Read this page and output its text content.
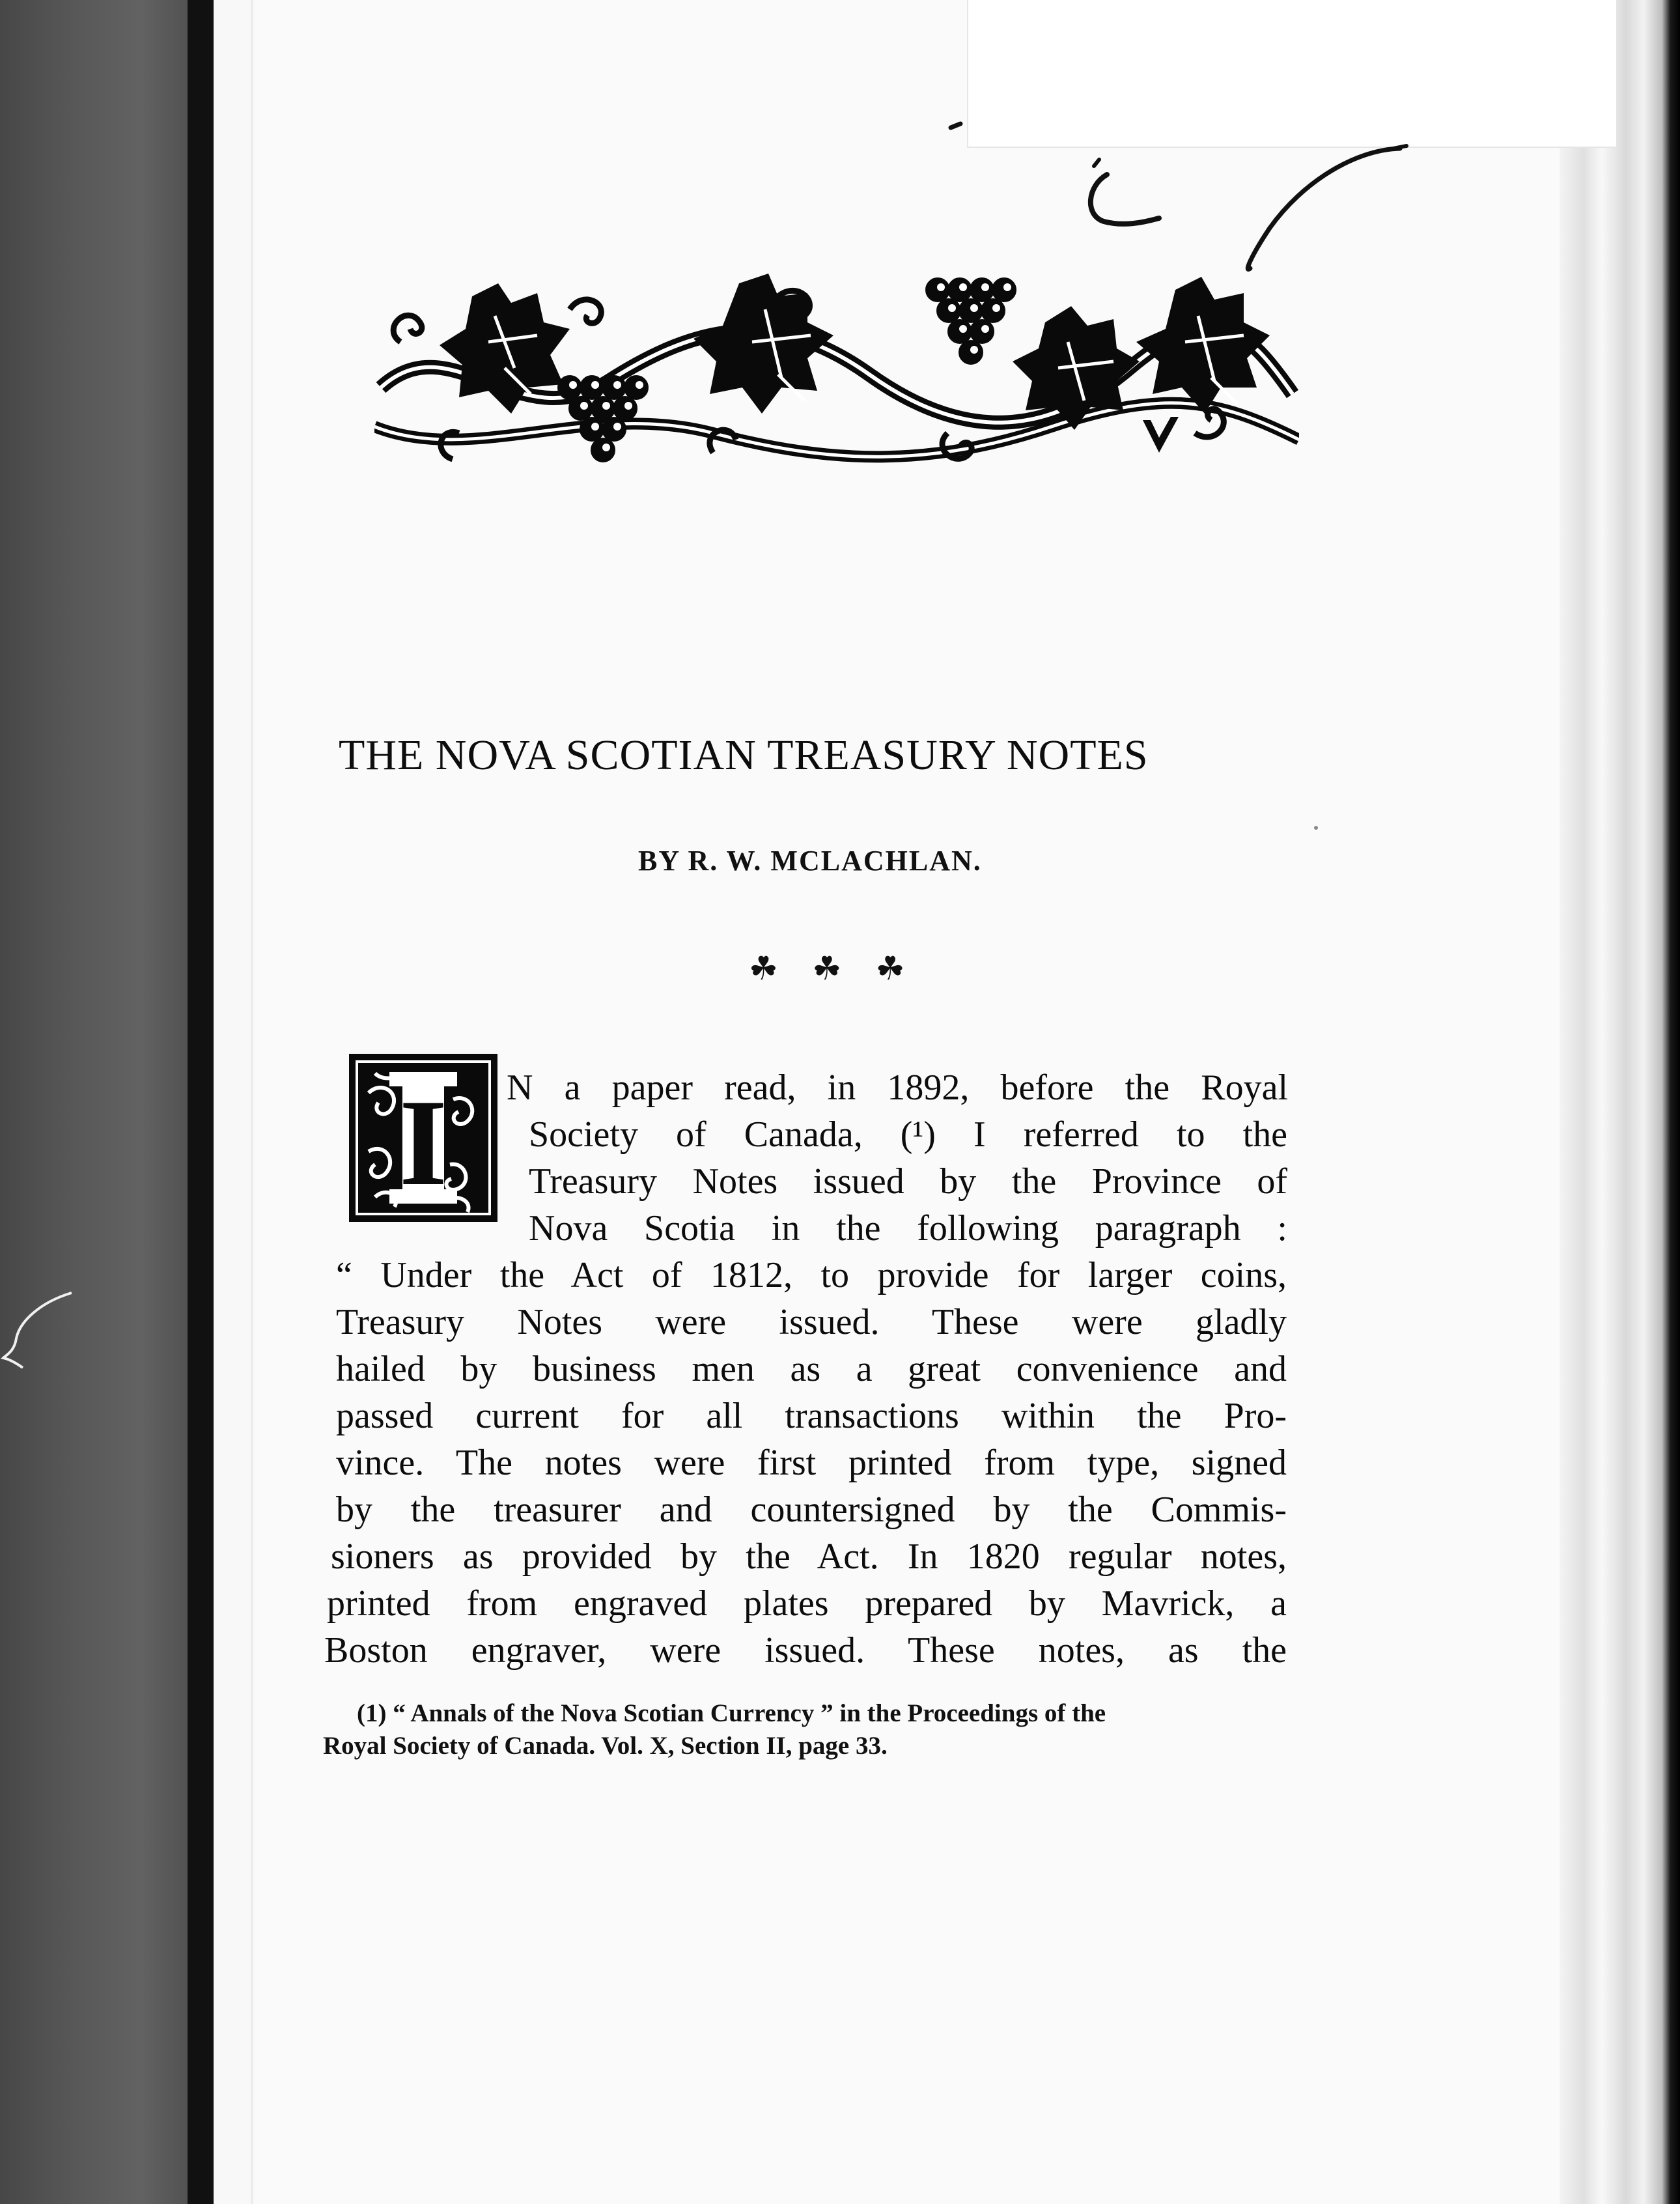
THE NOVA SCOTIAN TREASURY NOTES
BY R. W. MCLACHLAN.
☘ ☘ ☘
I N a paper read, in 1892, before the Royal
Society of Canada, (¹) I referred to the
Treasury Notes issued by the Province of
Nova Scotia in the following paragraph :
“ Under the Act of 1812, to provide for larger coins,
Treasury Notes were issued. These were gladly
hailed by business men as a great convenience and
passed current for all transactions within the Pro-
vince. The notes were first printed from type, signed
by the treasurer and countersigned by the Commis-
sioners as provided by the Act. In 1820 regular notes,
printed from engraved plates prepared by Mavrick, a
Boston engraver, were issued. These notes, as the
(1) “ Annals of the Nova Scotian Currency ” in the Proceedings of the
Royal Society of Canada. Vol. X, Section II, page 33.
